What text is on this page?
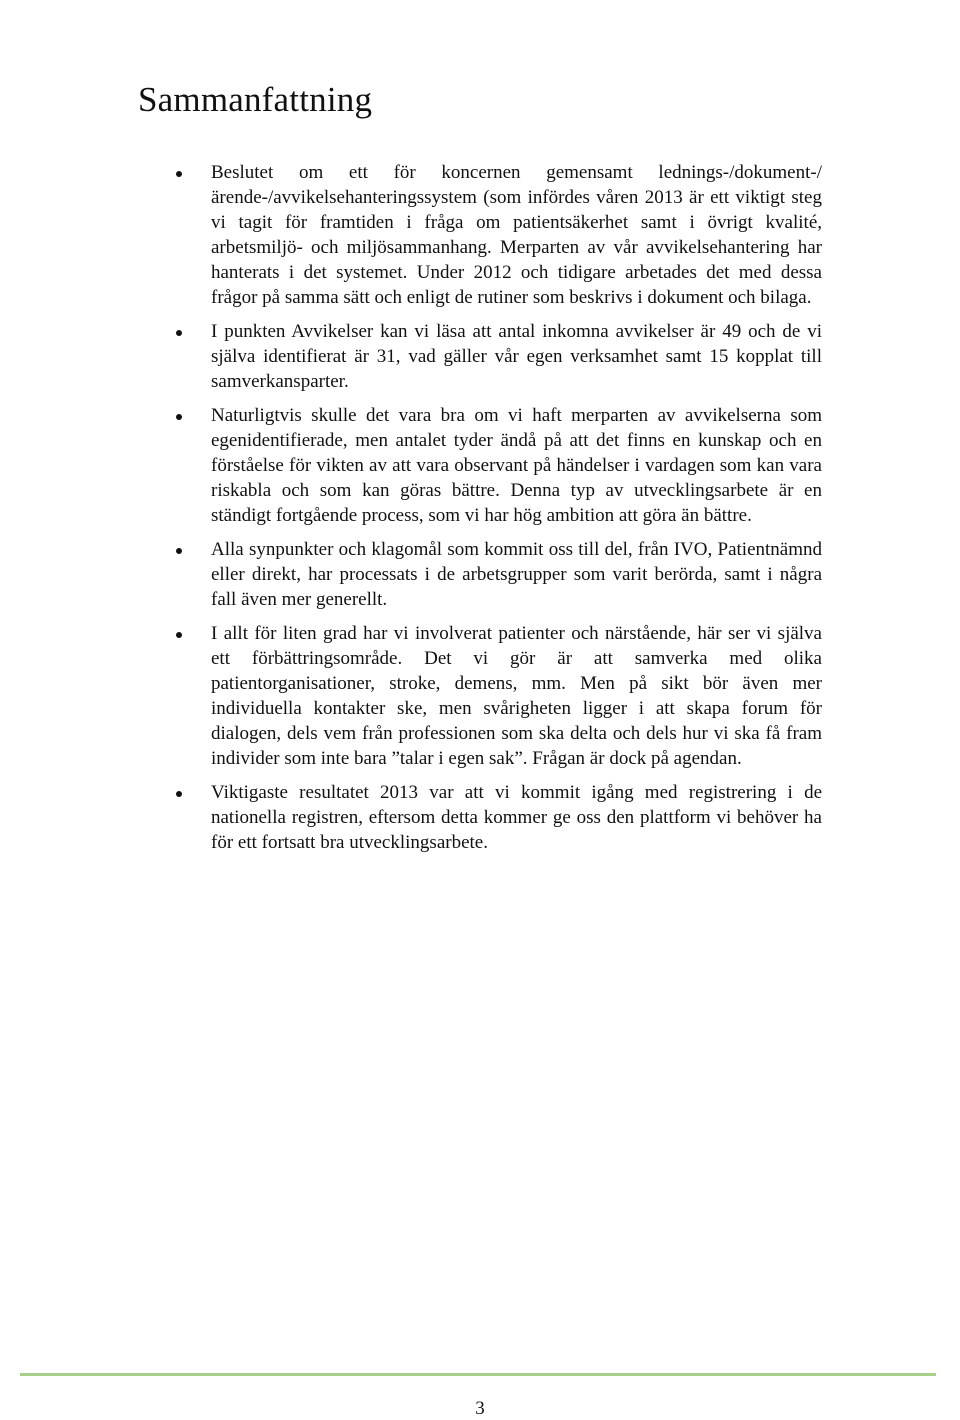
Sammanfattning
Beslutet om ett för koncernen gemensamt lednings-/dokument-/ärende-/avvikelsehanteringssystem (som infördes våren 2013 är ett viktigt steg vi tagit för framtiden i fråga om patientsäkerhet samt i övrigt kvalité, arbetsmiljö- och miljösammanhang. Merparten av vår avvikelsehantering har hanterats i det systemet. Under 2012 och tidigare arbetades det med dessa frågor på samma sätt och enligt de rutiner som beskrivs i dokument och bilaga.
I punkten Avvikelser kan vi läsa att antal inkomna avvikelser är 49 och de vi själva identifierat är 31, vad gäller vår egen verksamhet samt 15 kopplat till samverkansparter.
Naturligtvis skulle det vara bra om vi haft merparten av avvikelserna som egenidentifierade, men antalet tyder ändå på att det finns en kunskap och en förståelse för vikten av att vara observant på händelser i vardagen som kan vara riskabla och som kan göras bättre. Denna typ av utvecklingsarbete är en ständigt fortgående process, som vi har hög ambition att göra än bättre.
Alla synpunkter och klagomål som kommit oss till del, från IVO, Patientnämnd eller direkt, har processats i de arbetsgrupper som varit berörda, samt i några fall även mer generellt.
I allt för liten grad har vi involverat patienter och närstående, här ser vi själva ett förbättringsområde. Det vi gör är att samverka med olika patientorganisationer, stroke, demens, mm. Men på sikt bör även mer individuella kontakter ske, men svårigheten ligger i att skapa forum för dialogen, dels vem från professionen som ska delta och dels hur vi ska få fram individer som inte bara ”talar i egen sak”. Frågan är dock på agendan.
Viktigaste resultatet 2013 var att vi kommit igång med registrering i de nationella registren, eftersom detta kommer ge oss den plattform vi behöver ha för ett fortsatt bra utvecklingsarbete.
3
